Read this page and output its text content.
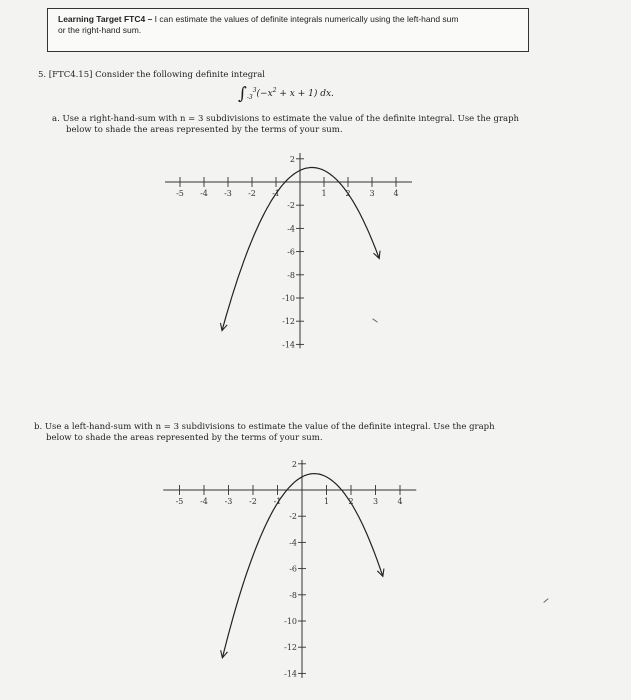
Learning Target FTC4 – I can estimate the values of definite integrals numerically using the left-hand sum
or the right-hand sum.
5. [FTC4.15] Consider the following definite integral
$\int_{-3}^3(-x^2 + x + 1)$ dx.
a. Use a right-hand-sum with n = 3 subdivisions to estimate the value of the definite integral. Use the graph
below to shade the areas represented by the terms of your sum.
-5 -4 -3 -2 -1	1 2 3 4
2
-2
-4
-6
-8
-10
-12
-14
b. Use a left-hand-sum with n = 3 subdivisions to estimate the value of the definite integral. Use the graph
below to shade the areas represented by the terms of your sum.
-5 -4 -3 -2 -1	1 2 3 4
2
-2
-4
-6
-8
-10
-12
-14
